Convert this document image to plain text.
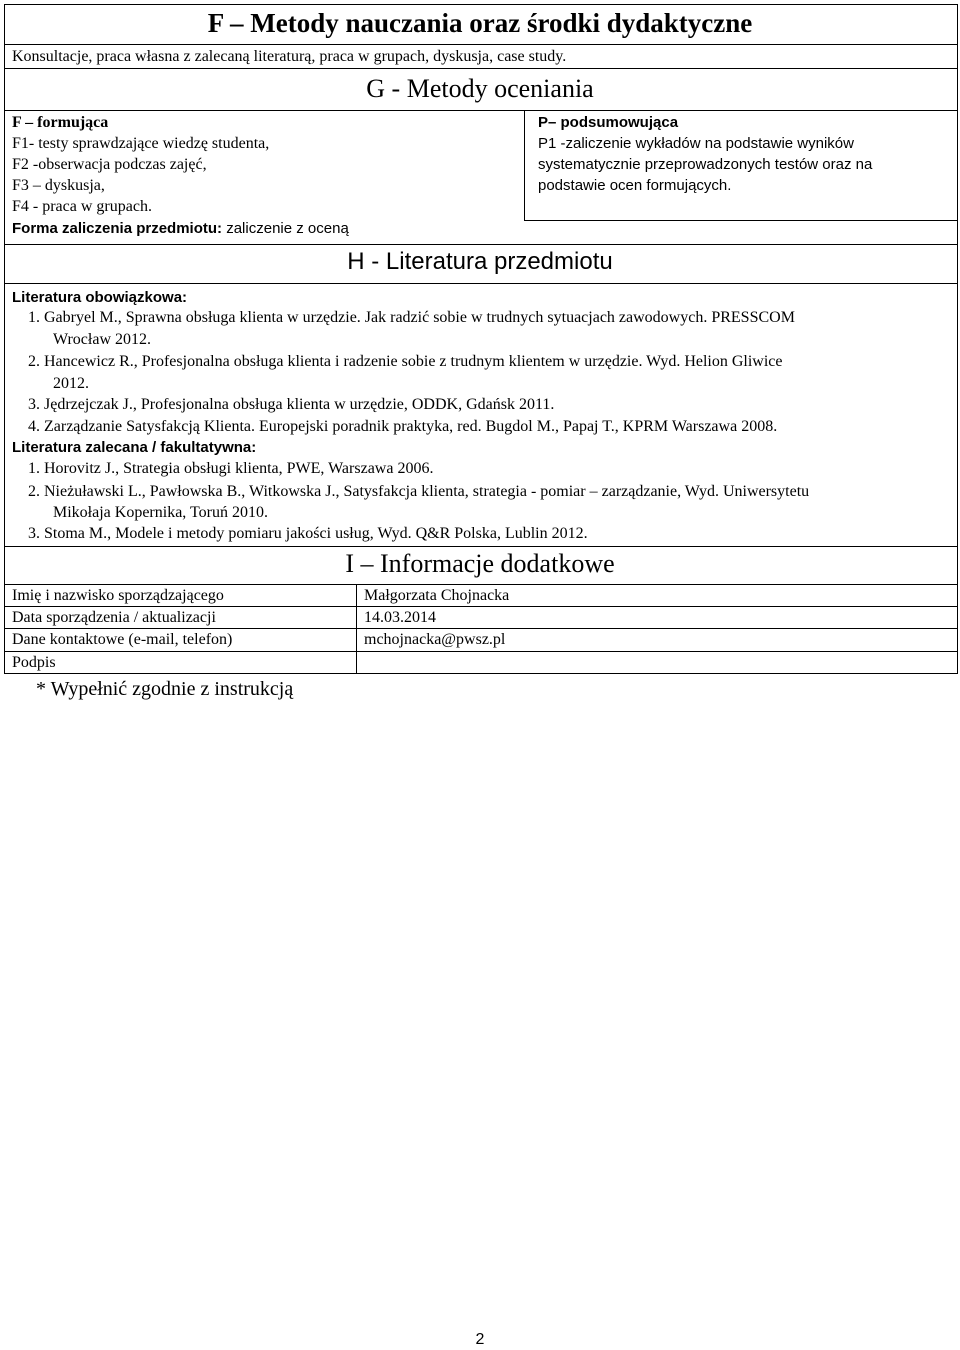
F – Metody nauczania oraz środki dydaktyczne
Konsultacje, praca własna z zalecaną literaturą, praca w grupach, dyskusja, case study.
G - Metody oceniania
F – formująca
F1- testy sprawdzające wiedzę studenta,
F2 -obserwacja podczas zajęć,
F3 – dyskusja,
F4 - praca w grupach.
Forma zaliczenia przedmiotu: zaliczenie z oceną
P– podsumowująca
P1 -zaliczenie wykładów na podstawie wyników
systematycznie przeprowadzonych testów oraz na
podstawie ocen formujących.
H - Literatura przedmiotu
Literatura obowiązkowa:
1. Gabryel M., Sprawna obsługa klienta w urzędzie. Jak radzić sobie w trudnych sytuacjach zawodowych. PRESSCOM
Wrocław 2012.
2. Hancewicz R., Profesjonalna obsługa klienta i radzenie sobie z trudnym klientem w urzędzie. Wyd. Helion Gliwice
2012.
3. Jędrzejczak J., Profesjonalna obsługa klienta w urzędzie, ODDK, Gdańsk 2011.
4. Zarządzanie Satysfakcją Klienta. Europejski poradnik praktyka, red. Bugdol M., Papaj T., KPRM Warszawa 2008.
Literatura zalecana / fakultatywna:
1. Horovitz J., Strategia obsługi klienta, PWE, Warszawa 2006.
2. Nieżuławski L., Pawłowska B., Witkowska J., Satysfakcja klienta, strategia - pomiar – zarządzanie, Wyd. Uniwersytetu
Mikołaja Kopernika, Toruń 2010.
3. Stoma M., Modele i metody pomiaru jakości usług, Wyd. Q&R Polska, Lublin 2012.
I – Informacje dodatkowe
Imię i nazwisko sporządzającego	Małgorzata Chojnacka
Data sporządzenia / aktualizacji	14.03.2014
Dane kontaktowe (e-mail, telefon)	mchojnacka@pwsz.pl
Podpis
* Wypełnić zgodnie z instrukcją
2
